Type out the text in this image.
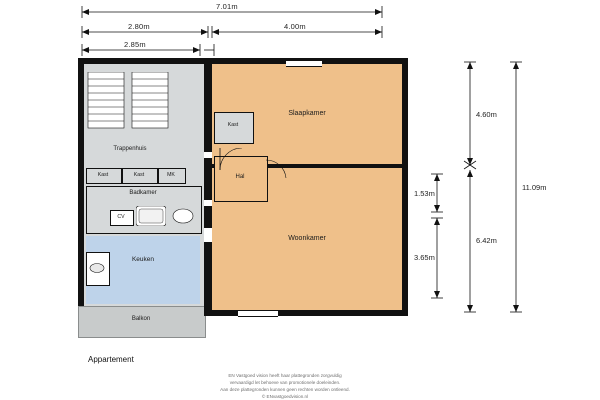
7.01m
2.80m	4.00m
2.85m
11.09m
4.60m
6.42m
1.53m
3.65m
Balkon
Slaapkamer
Woonkamer
Trappenhuis
Kast	Kast	MK
Badkamer
CV
Keuken
Kast
Hal
Appartement
EN Vastgoed vision heeft haar plattegronden zorgvuldig
vervaardigd let behoeve van promotionele doeleinden.
Aan deze plattegronden kunnen geen rechten worden ontleend.
© ENvastgoedvision.nl
